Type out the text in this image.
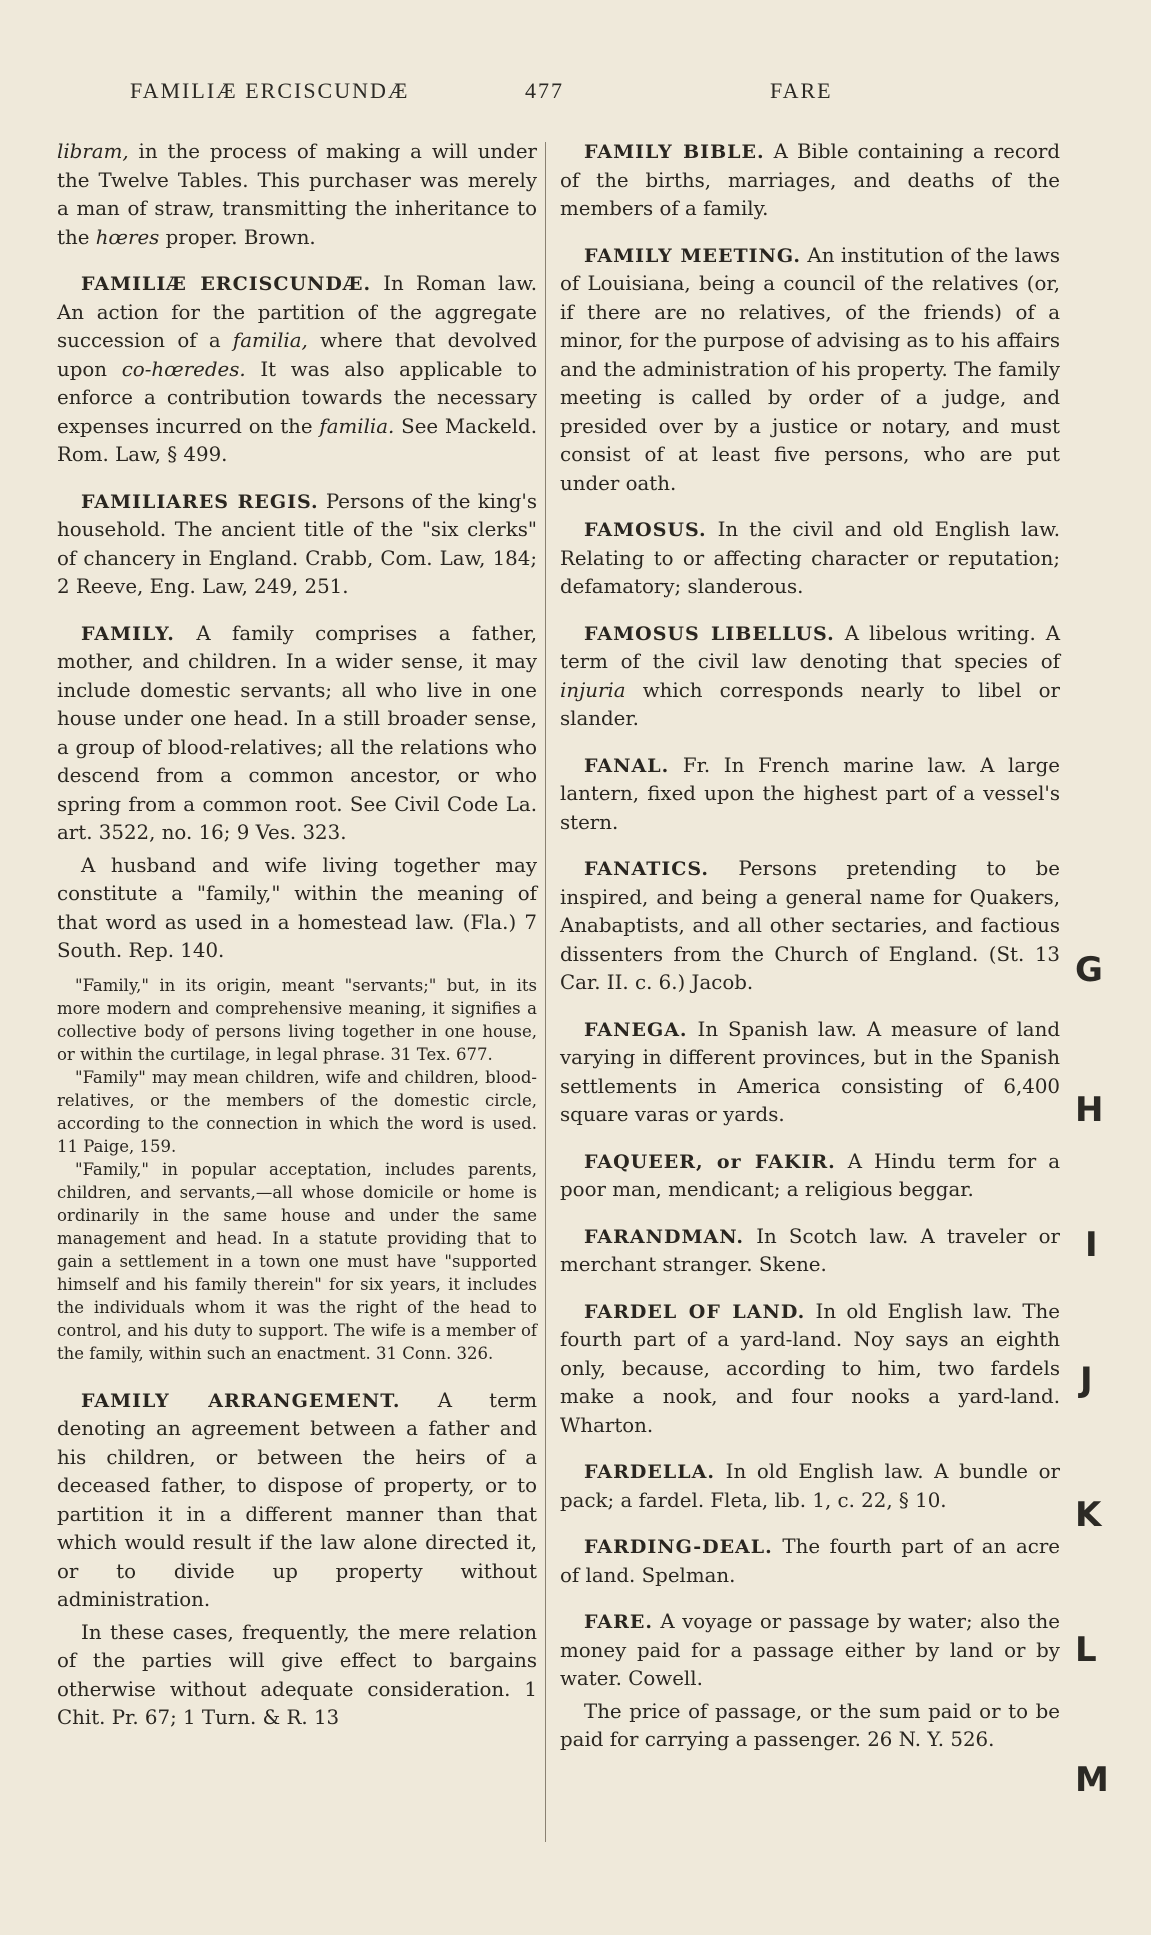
FAMILIÆ ERCISCUNDÆ	477	FARE

libram, in the process of making a will under the Twelve Tables. This purchaser was merely a man of straw, transmitting the inheritance to the hœres proper. Brown.

FAMILIÆ ERCISCUNDÆ. In Roman law. An action for the partition of the aggregate succession of a familia, where that devolved upon co-hœredes. It was also applicable to enforce a contribution towards the necessary expenses incurred on the familia. See Mackeld. Rom. Law, § 499.

FAMILIARES REGIS. Persons of the king's household. The ancient title of the "six clerks" of chancery in England. Crabb, Com. Law, 184; 2 Reeve, Eng. Law, 249, 251.

FAMILY. A family comprises a father, mother, and children. In a wider sense, it may include domestic servants; all who live in one house under one head. In a still broader sense, a group of blood-relatives; all the relations who descend from a common ancestor, or who spring from a common root. See Civil Code La. art. 3522, no. 16; 9 Ves. 323.

A husband and wife living together may constitute a "family," within the meaning of that word as used in a homestead law. (Fla.) 7 South. Rep. 140.

"Family," in its origin, meant "servants;" but, in its more modern and comprehensive meaning, it signifies a collective body of persons living together in one house, or within the curtilage, in legal phrase. 31 Tex. 677.

"Family" may mean children, wife and children, blood-relatives, or the members of the domestic circle, according to the connection in which the word is used. 11 Paige, 159.

"Family," in popular acceptation, includes parents, children, and servants,—all whose domicile or home is ordinarily in the same house and under the same management and head. In a statute providing that to gain a settlement in a town one must have "supported himself and his family therein" for six years, it includes the individuals whom it was the right of the head to control, and his duty to support. The wife is a member of the family, within such an enactment. 31 Conn. 326.

FAMILY ARRANGEMENT. A term denoting an agreement between a father and his children, or between the heirs of a deceased father, to dispose of property, or to partition it in a different manner than that which would result if the law alone directed it, or to divide up property without administration.

In these cases, frequently, the mere relation of the parties will give effect to bargains otherwise without adequate consideration. 1 Chit. Pr. 67; 1 Turn. & R. 13

FAMILY BIBLE. A Bible containing a record of the births, marriages, and deaths of the members of a family.

FAMILY MEETING. An institution of the laws of Louisiana, being a council of the relatives (or, if there are no relatives, of the friends) of a minor, for the purpose of advising as to his affairs and the administration of his property. The family meeting is called by order of a judge, and presided over by a justice or notary, and must consist of at least five persons, who are put under oath.

FAMOSUS. In the civil and old English law. Relating to or affecting character or reputation; defamatory; slanderous.

FAMOSUS LIBELLUS. A libelous writing. A term of the civil law denoting that species of injuria which corresponds nearly to libel or slander.

FANAL. Fr. In French marine law. A large lantern, fixed upon the highest part of a vessel's stern.

FANATICS. Persons pretending to be inspired, and being a general name for Quakers, Anabaptists, and all other sectaries, and factious dissenters from the Church of England. (St. 13 Car. II. c. 6.) Jacob.

FANEGA. In Spanish law. A measure of land varying in different provinces, but in the Spanish settlements in America consisting of 6,400 square varas or yards.

FAQUEER, or FAKIR. A Hindu term for a poor man, mendicant; a religious beggar.

FARANDMAN. In Scotch law. A traveler or merchant stranger. Skene.

FARDEL OF LAND. In old English law. The fourth part of a yard-land. Noy says an eighth only, because, according to him, two fardels make a nook, and four nooks a yard-land. Wharton.

FARDELLA. In old English law. A bundle or pack; a fardel. Fleta, lib. 1, c. 22, § 10.

FARDING-DEAL. The fourth part of an acre of land. Spelman.

FARE. A voyage or passage by water; also the money paid for a passage either by land or by water. Cowell.

The price of passage, or the sum paid or to be paid for carrying a passenger. 26 N. Y. 526.

G
H
I
J
K
L
M
